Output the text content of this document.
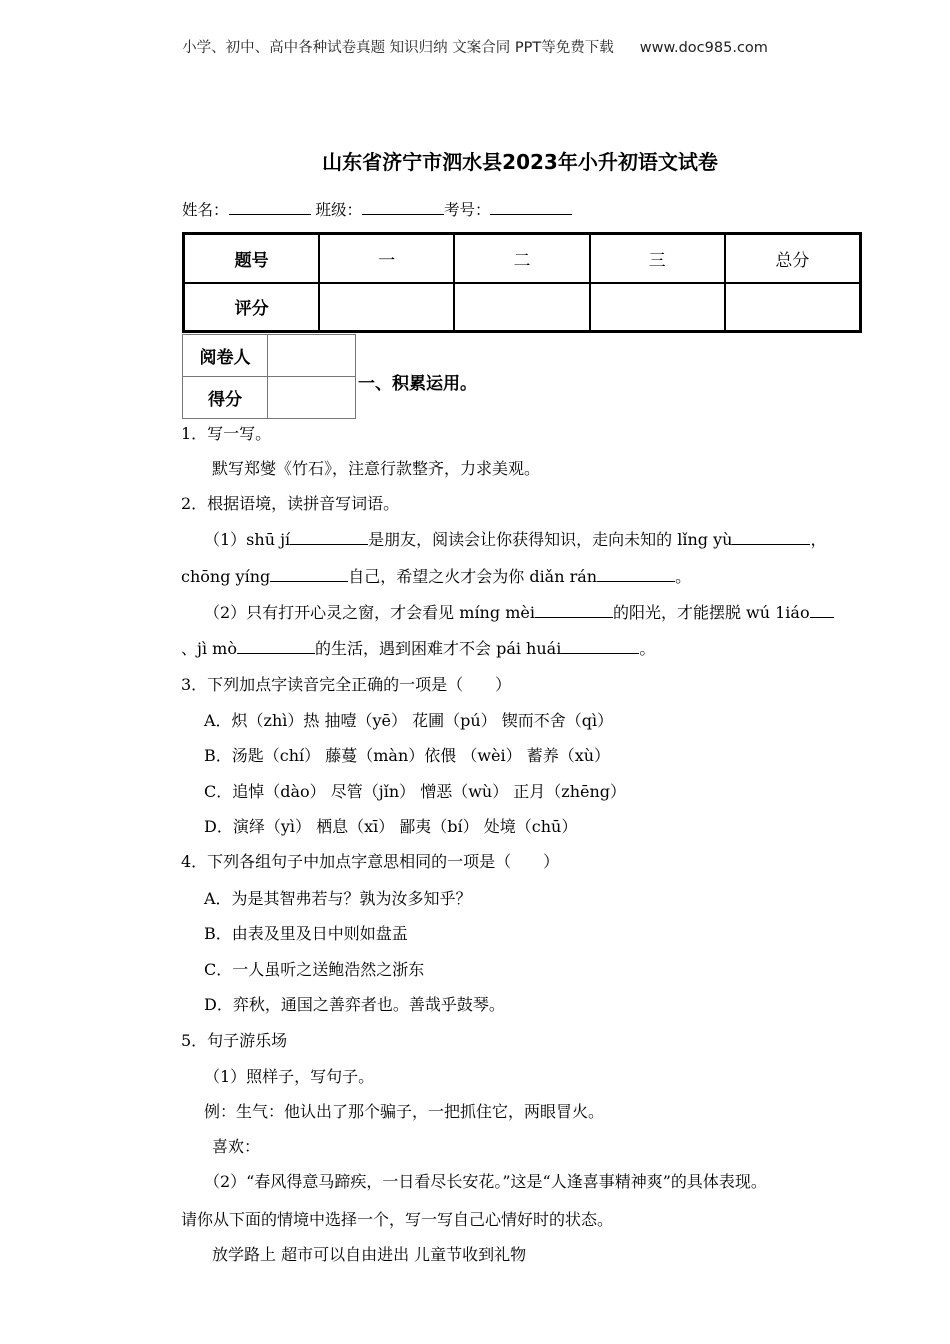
小学、初中、高中各种试卷真题 知识归纳 文案合同 PPT等免费下载 www.doc985.com
山东省济宁市泗水县2023年小升初语文试卷
姓名：	班级：	考号：
题号	一	二	三	总分
评分				
阅卷人	
得分	
一、积累运用。
1．写一写。
默写郑燮《竹石》，注意行款整齐，力求美观。
2．根据语境，读拼音写词语。
（1）shū jí	是朋友，阅读会让你获得知识，走向未知的 lǐng yù	，
chōng yíng	自己，希望之火才会为你 diǎn rán	。
（2）只有打开心灵之窗，才会看见 míng mèi	的阳光，才能摆脱 wú 1iáo
、jì mò	的生活，遇到困难才不会 pái huái	。
3．下列加点字读音完全正确的一项是（　　）
A．炽（zhì）热 抽噎（yē） 花圃（pú） 锲而不舍（qì）
B．汤匙（chí） 藤蔓（màn）依偎 （wèi） 蓄养（xù）
C．追悼（dào） 尽管（jǐn） 憎恶（wù） 正月（zhēng）
D．演绎（yì） 栖息（xī） 鄙夷（bí） 处境（chū）
4．下列各组句子中加点字意思相同的一项是（　　）
A．为是其智弗若与？孰为汝多知乎？
B．由表及里及日中则如盘盂
C．一人虽听之送鲍浩然之浙东
D．弈秋，通国之善弈者也。善哉乎鼓琴。
5．句子游乐场
（1）照样子，写句子。
例：生气：他认出了那个骗子，一把抓住它，两眼冒火。
喜欢：
（2）“春风得意马蹄疾，一日看尽长安花。”这是“人逢喜事精神爽”的具体表现。
请你从下面的情境中选择一个，写一写自己心情好时的状态。
放学路上 超市可以自由进出 儿童节收到礼物
